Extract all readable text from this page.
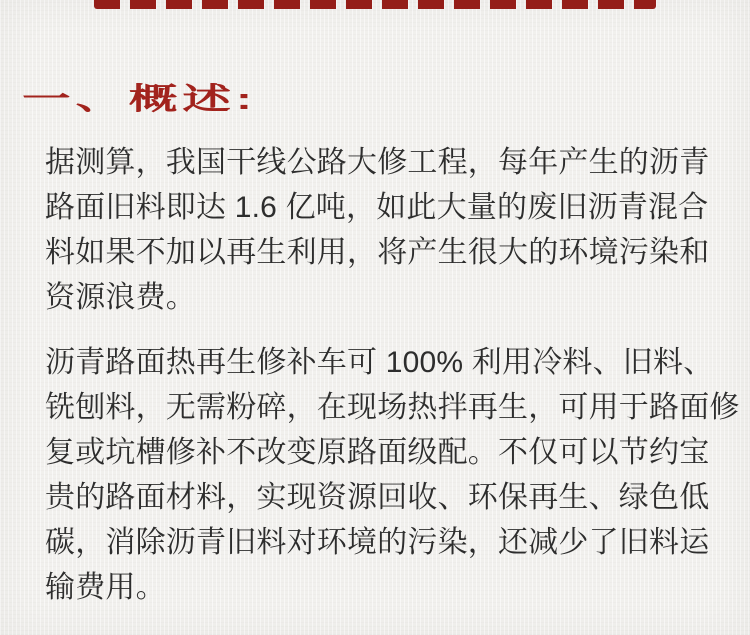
一、概述:
据测算，我国干线公路大修工程，每年产生的沥青
路面旧料即达 1.6 亿吨，如此大量的废旧沥青混合
料如果不加以再生利用，将产生很大的环境污染和
资源浪费。
沥青路面热再生修补车可 100% 利用冷料、旧料、
铣刨料，无需粉碎，在现场热拌再生，可用于路面修
复或坑槽修补不改变原路面级配。不仅可以节约宝
贵的路面材料，实现资源回收、环保再生、绿色低
碳，消除沥青旧料对环境的污染，还减少了旧料运
输费用。
